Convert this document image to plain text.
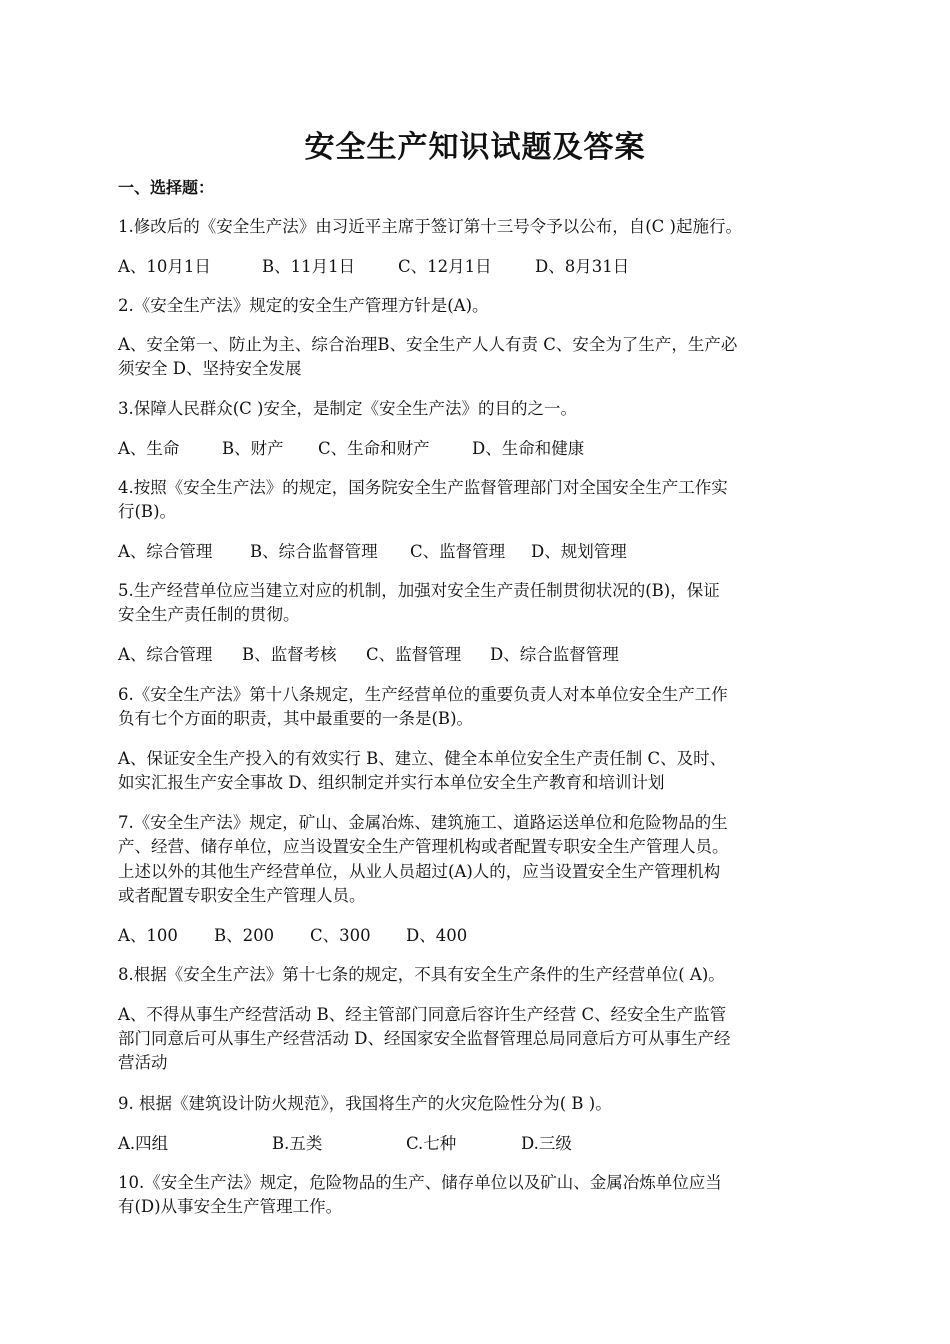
安全生产知识试题及答案
一、选择题：
1.修改后的《安全生产法》由习近平主席于签订第十三号令予以公布，自(C )起施行。
A、10月1日	B、11月1日	C、12月1日	D、8月31日
2.《安全生产法》规定的安全生产管理方针是(A)。
A、安全第一、防止为主、综合治理B、安全生产人人有责 C、安全为了生产，生产必
须安全 D、坚持安全发展
3.保障人民群众(C )安全，是制定《安全生产法》的目的之一。
A、生命	B、财产 C、生命和财产	D、生命和健康
4.按照《安全生产法》的规定，国务院安全生产监督管理部门对全国安全生产工作实
行(B)。
A、综合管理 B、综合监督管理 C、监督管理 D、规划管理
5.生产经营单位应当建立对应的机制，加强对安全生产责任制贯彻状况的(B)，保证
安全生产责任制的贯彻。
A、综合管理 B、监督考核 C、监督管理 D、综合监督管理
6.《安全生产法》第十八条规定，生产经营单位的重要负责人对本单位安全生产工作
负有七个方面的职责，其中最重要的一条是(B)。
A、保证安全生产投入的有效实行 B、建立、健全本单位安全生产责任制 C、及时、
如实汇报生产安全事故 D、组织制定并实行本单位安全生产教育和培训计划
7.《安全生产法》规定，矿山、金属冶炼、建筑施工、道路运送单位和危险物品的生
产、经营、储存单位，应当设置安全生产管理机构或者配置专职安全生产管理人员。
上述以外的其他生产经营单位，从业人员超过(A)人的，应当设置安全生产管理机构
或者配置专职安全生产管理人员。
A、100 B、200 C、300 D、400
8.根据《安全生产法》第十七条的规定，不具有安全生产条件的生产经营单位( A)。
A、不得从事生产经营活动 B、经主管部门同意后容许生产经营 C、经安全生产监管
部门同意后可从事生产经营活动 D、经国家安全监督管理总局同意后方可从事生产经
营活动
9. 根据《建筑设计防火规范》，我国将生产的火灾危险性分为( B )。
A.四组	B.五类	C.七种	D.三级
10.《安全生产法》规定，危险物品的生产、储存单位以及矿山、金属冶炼单位应当
有(D)从事安全生产管理工作。
